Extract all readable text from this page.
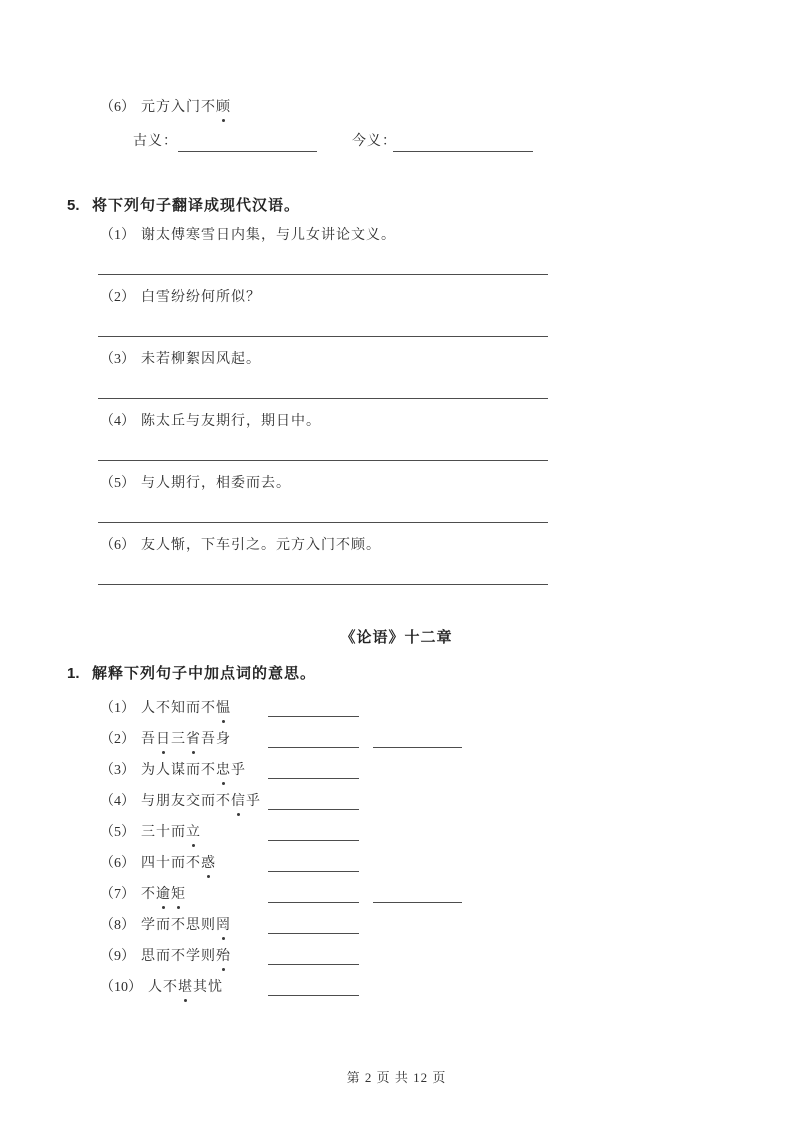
（6） 元方入门不顾
古义：	今义：
5. 将下列句子翻译成现代汉语。
（1） 谢太傅寒雪日内集，与儿女讲论文义。
（2） 白雪纷纷何所似？
（3） 未若柳絮因风起。
（4） 陈太丘与友期行，期日中。
（5） 与人期行，相委而去。
（6） 友人惭，下车引之。元方入门不顾。
《论语》十二章
1. 解释下列句子中加点词的意思。
（1） 人不知而不愠
（2） 吾日三省吾身
（3） 为人谋而不忠乎
（4） 与朋友交而不信乎
（5） 三十而立
（6） 四十而不惑
（7） 不逾矩
（8） 学而不思则罔
（9） 思而不学则殆
（10） 人不堪其忧
第 2 页 共 12 页
